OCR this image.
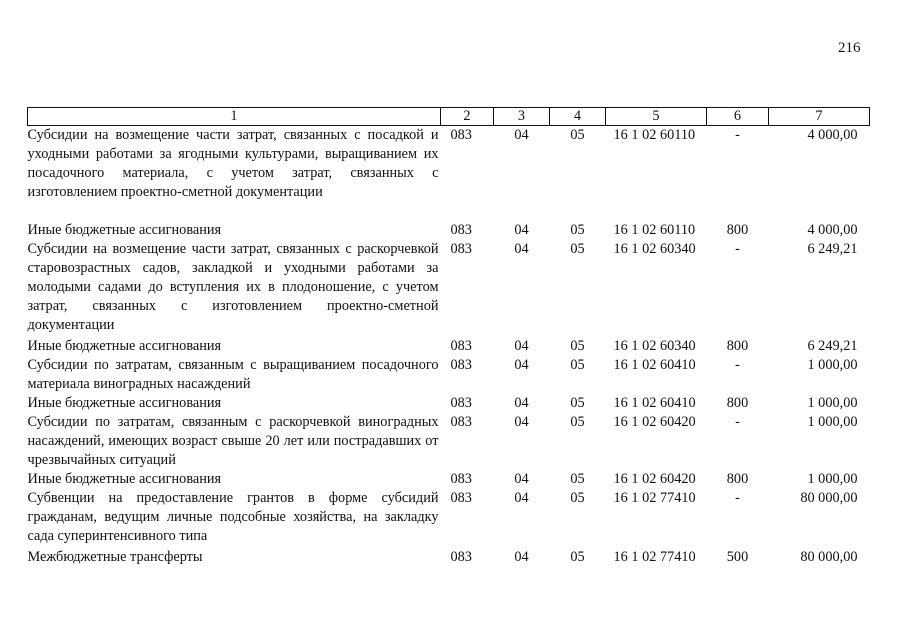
216
1	2	3	4	5	6	7
Субсидии на возмещение части затрат, связанных с посадкой и уходными работами за ягодными культурами, выращиванием их посадочного материала, с учетом затрат, связанных с изготовлением проектно-сметной документации	083	04	05	16 1 02 60110	-	4 000,00
Иные бюджетные ассигнования	083	04	05	16 1 02 60110	800	4 000,00
Субсидии на возмещение части затрат, связанных с раскорчевкой старовозрастных садов, закладкой и уходными работами за молодыми садами до вступления их в плодоношение, с учетом затрат, связанных с изготовлением проектно-сметной документации	083	04	05	16 1 02 60340	-	6 249,21
Иные бюджетные ассигнования	083	04	05	16 1 02 60340	800	6 249,21
Субсидии по затратам, связанным с выращиванием посадочного материала виноградных насаждений	083	04	05	16 1 02 60410	-	1 000,00
Иные бюджетные ассигнования	083	04	05	16 1 02 60410	800	1 000,00
Субсидии по затратам, связанным с раскорчевкой виноградных насаждений, имеющих возраст свыше 20 лет или пострадавших от чрезвычайных ситуаций	083	04	05	16 1 02 60420	-	1 000,00
Иные бюджетные ассигнования	083	04	05	16 1 02 60420	800	1 000,00
Субвенции на предоставление грантов в форме субсидий гражданам, ведущим личные подсобные хозяйства, на закладку сада суперинтенсивного типа	083	04	05	16 1 02 77410	-	80 000,00
Межбюджетные трансферты	083	04	05	16 1 02 77410	500	80 000,00
